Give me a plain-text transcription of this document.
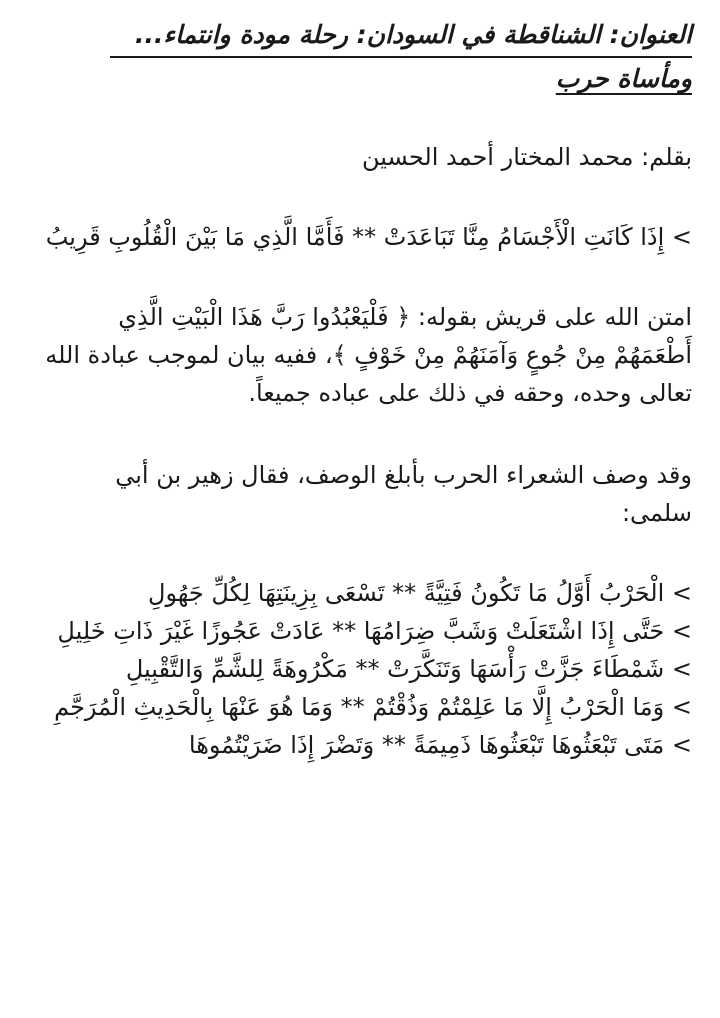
العنوان: الشناقطة في السودان: رحلة مودة وانتماء...
ومأساة حرب

بقلم: محمد المختار أحمد الحسين

> إِذَا كَانَتِ الْأَجْسَامُ مِنَّا تَبَاعَدَتْ ** فَأَمَّا الَّذِي مَا بَيْنَ الْقُلُوبِ قَرِيبُ

امتن الله على قريش بقوله: ﴿ فَلْيَعْبُدُوا رَبَّ هَذَا الْبَيْتِ الَّذِي أَطْعَمَهُمْ مِنْ جُوعٍ وَآمَنَهُمْ مِنْ خَوْفٍ ﴾، ففيه بيان لموجب عبادة الله تعالى وحده، وحقه في ذلك على عباده جميعاً.

وقد وصف الشعراء الحرب بأبلغ الوصف، فقال زهير بن أبي سلمى:

> الْحَرْبُ أَوَّلُ مَا تَكُونُ فَتِيَّةً ** تَسْعَى بِزِينَتِهَا لِكُلِّ جَهُولِ

> حَتَّى إِذَا اشْتَعَلَتْ وَشَبَّ ضِرَامُهَا ** عَادَتْ عَجُوزًا غَيْرَ ذَاتِ خَلِيلِ

> شَمْطَاءَ جَزَّتْ رَأْسَهَا وَتَنَكَّرَتْ ** مَكْرُوهَةً لِلشَّمِّ وَالتَّقْبِيلِ

> وَمَا الْحَرْبُ إِلَّا مَا عَلِمْتُمْ وَذُقْتُمْ ** وَمَا هُوَ عَنْهَا بِالْحَدِيثِ الْمُرَجَّمِ

> مَتَى تَبْعَثُوهَا تَبْعَثُوهَا ذَمِيمَةً ** وَتَضْرَ إِذَا ضَرَيْتُمُوهَا
